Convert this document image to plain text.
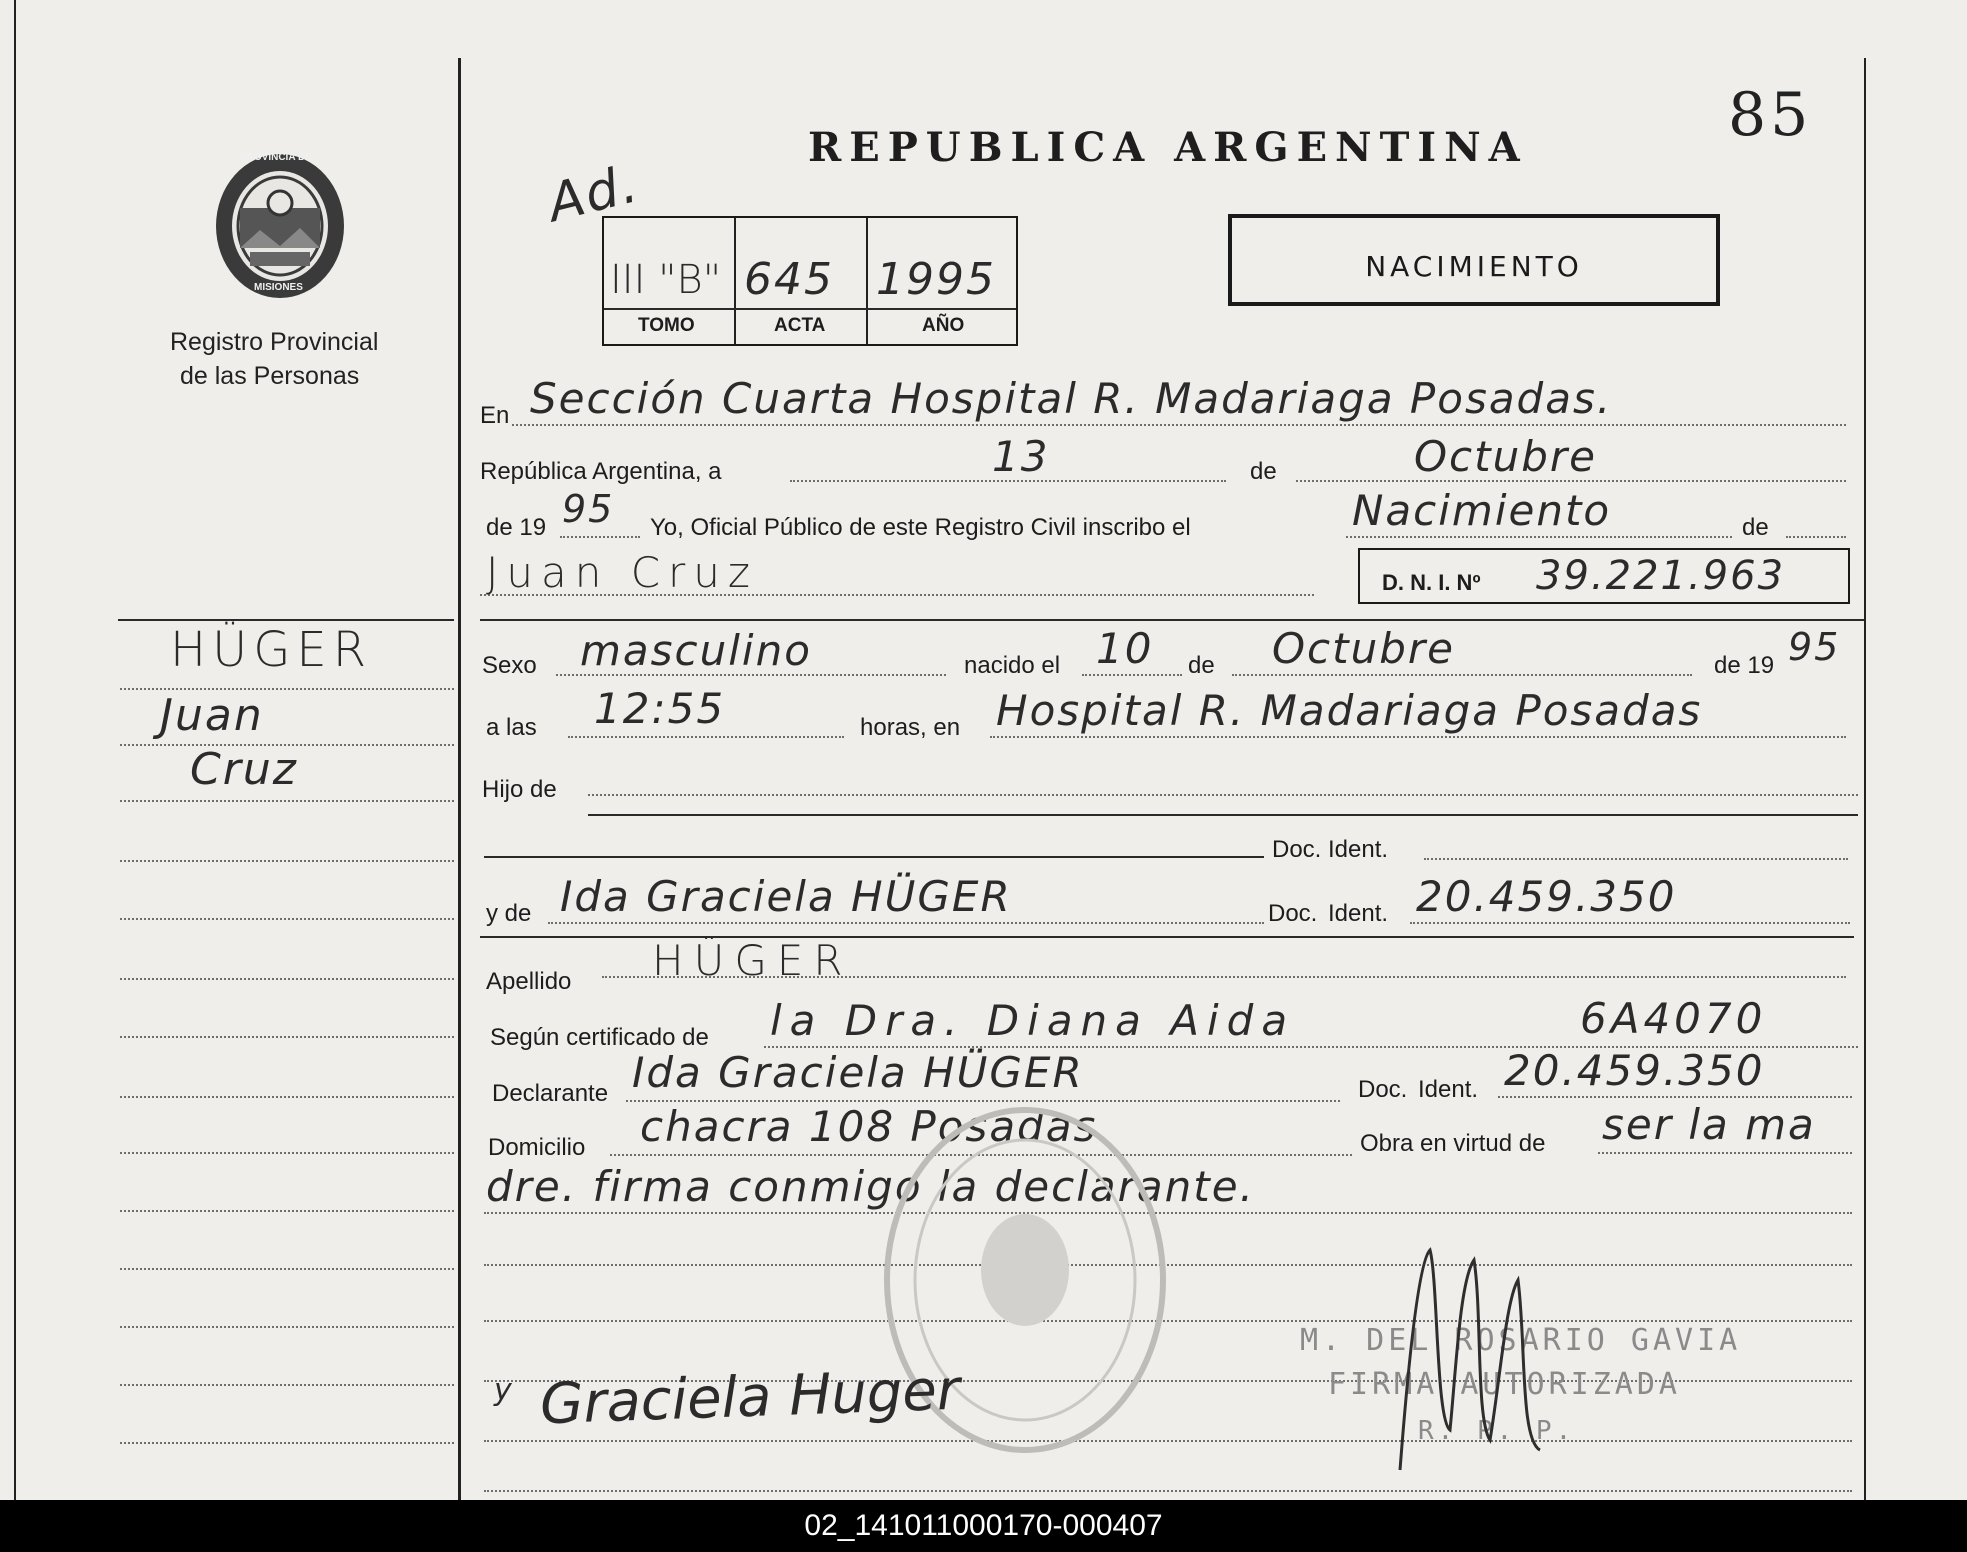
85
REPUBLICA ARGENTINA
NACIMIENTO
PROVINCIA DE
MISIONES
Registro Provincial
de las Personas
HÜGER
Juan
Cruz
Ad.
III "B" 645 1995
TOMO	ACTA	AÑO
En Sección Cuarta Hospital R. Madariaga Posadas.
República Argentina, a	13	de	Octubre
de 19 95 Yo, Oficial Público de este Registro Civil inscribo el	Nacimiento	de
Juan Cruz	D. N. I. Nº 39.221.963
Sexo masculino	nacido el 10 de Octubre	de 19 95
a las 12:55	horas, en Hospital R. Madariaga Posadas
Hijo de
Doc. Ident.
y de Ida Graciela HÜGER	Doc. Ident. 20.459.350
Apellido HÜGER
Según certificado de la Dra. Diana Aida	6A4070
Declarante Ida Graciela HÜGER	Doc. Ident. 20.459.350
Domicilio chacra 108 Posadas	Obra en virtud de ser la ma
dre. firma conmigo la declarante.
M. DEL ROSARIO GAVIA
FIRMA AUTORIZADA
R. P. P.
y Graciela Huger
02_141011000170-000407
